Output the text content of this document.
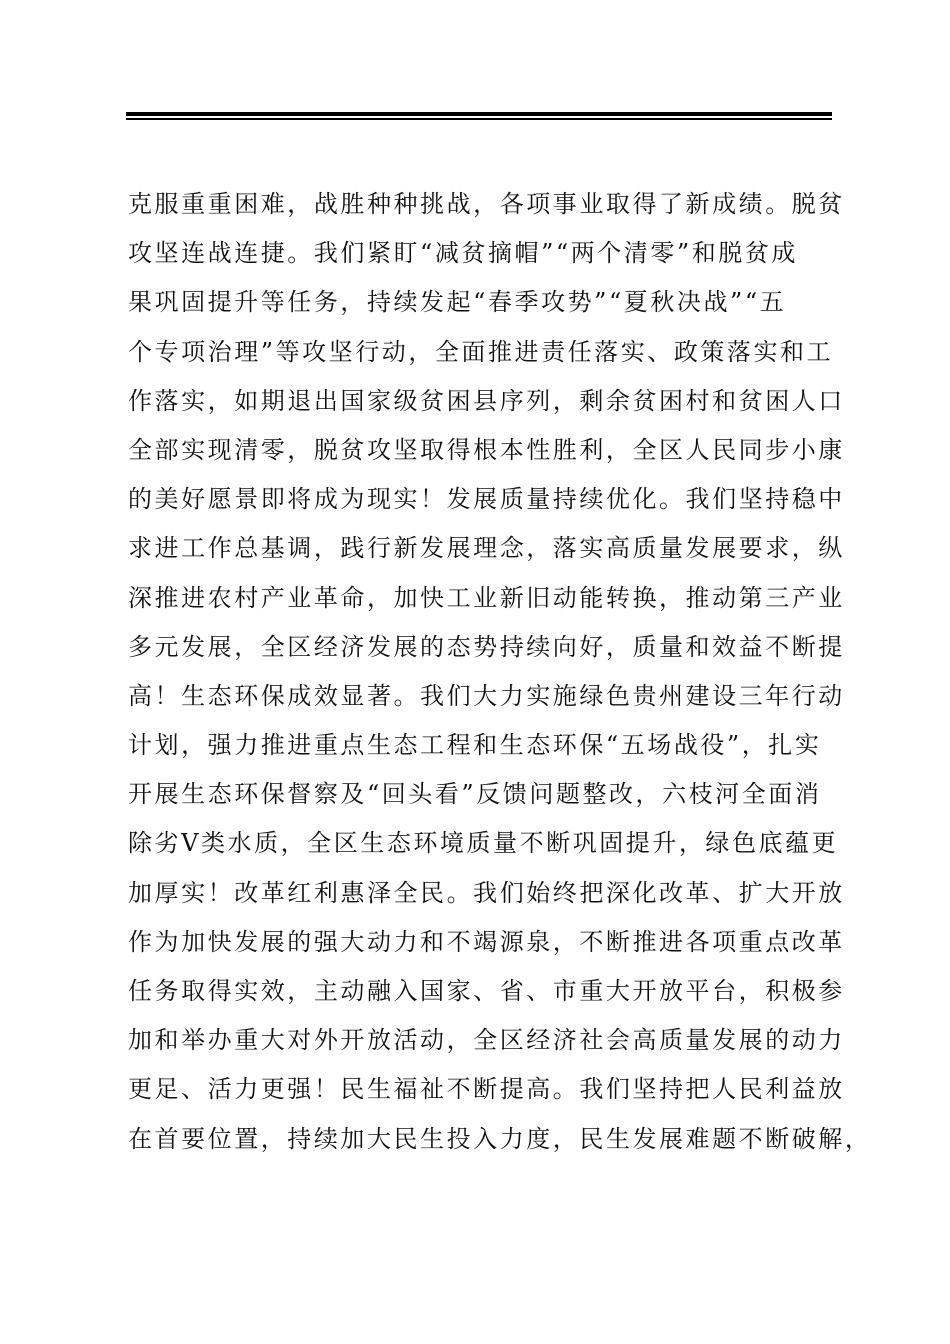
克服重重困难，战胜种种挑战，各项事业取得了新成绩。脱贫
攻坚连战连捷。我们紧盯“减贫摘帽”“两个清零”和脱贫成
果巩固提升等任务，持续发起“春季攻势”“夏秋决战”“五
个专项治理”等攻坚行动，全面推进责任落实、政策落实和工
作落实，如期退出国家级贫困县序列，剩余贫困村和贫困人口
全部实现清零，脱贫攻坚取得根本性胜利，全区人民同步小康
的美好愿景即将成为现实！发展质量持续优化。我们坚持稳中
求进工作总基调，践行新发展理念，落实高质量发展要求，纵
深推进农村产业革命，加快工业新旧动能转换，推动第三产业
多元发展，全区经济发展的态势持续向好，质量和效益不断提
高！生态环保成效显著。我们大力实施绿色贵州建设三年行动
计划，强力推进重点生态工程和生态环保“五场战役”，扎实
开展生态环保督察及“回头看”反馈问题整改，六枝河全面消
除劣Ⅴ类水质，全区生态环境质量不断巩固提升，绿色底蕴更
加厚实！改革红利惠泽全民。我们始终把深化改革、扩大开放
作为加快发展的强大动力和不竭源泉，不断推进各项重点改革
任务取得实效，主动融入国家、省、市重大开放平台，积极参
加和举办重大对外开放活动，全区经济社会高质量发展的动力
更足、活力更强！民生福祉不断提高。我们坚持把人民利益放
在首要位置，持续加大民生投入力度，民生发展难题不断破解，
